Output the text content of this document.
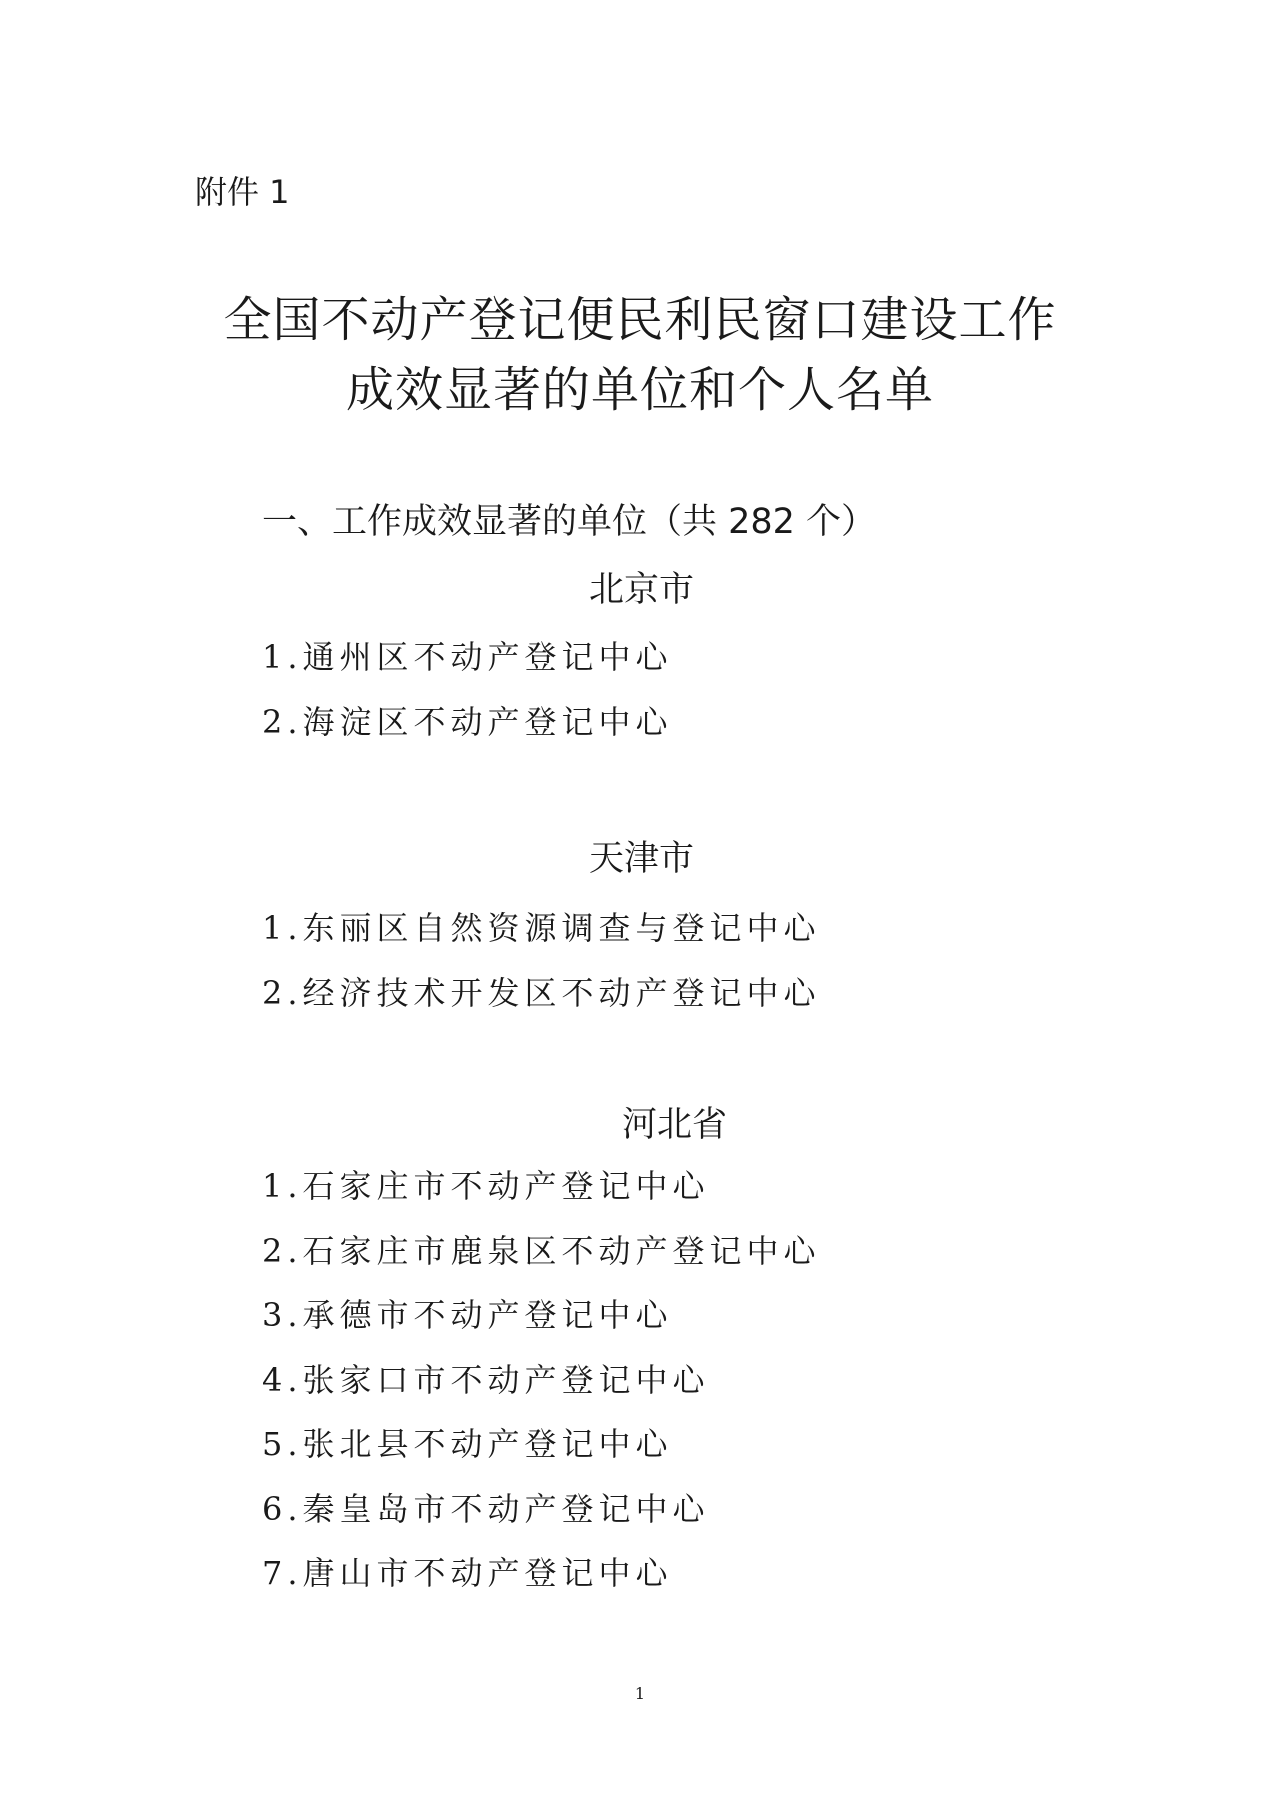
附件 1
全国不动产登记便民利民窗口建设工作
成效显著的单位和个人名单
一、工作成效显著的单位（共 282 个）
北京市
1.通州区不动产登记中心
2.海淀区不动产登记中心
天津市
1.东丽区自然资源调查与登记中心
2.经济技术开发区不动产登记中心
河北省
1.石家庄市不动产登记中心
2.石家庄市鹿泉区不动产登记中心
3.承德市不动产登记中心
4.张家口市不动产登记中心
5.张北县不动产登记中心
6.秦皇岛市不动产登记中心
7.唐山市不动产登记中心
1
